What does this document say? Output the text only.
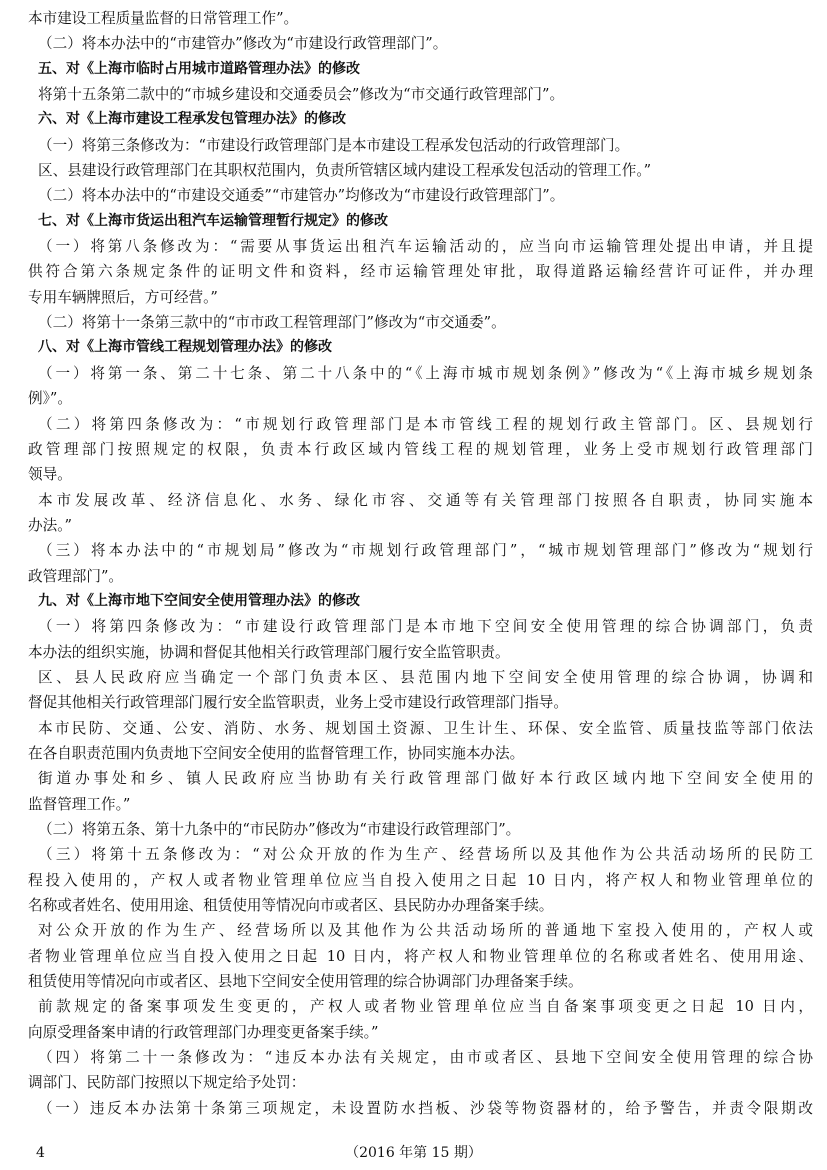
本市建设工程质量监督的日常管理工作”。
（二）将本办法中的“市建管办”修改为“市建设行政管理部门”。
五、对《上海市临时占用城市道路管理办法》的修改
将第十五条第二款中的“市城乡建设和交通委员会”修改为“市交通行政管理部门”。
六、对《上海市建设工程承发包管理办法》的修改
（一）将第三条修改为：“市建设行政管理部门是本市建设工程承发包活动的行政管理部门。
区、县建设行政管理部门在其职权范围内，负责所管辖区域内建设工程承发包活动的管理工作。”
（二）将本办法中的“市建设交通委”“市建管办”均修改为“市建设行政管理部门”。
七、对《上海市货运出租汽车运输管理暂行规定》的修改
（一）将第八条修改为：“需要从事货运出租汽车运输活动的，应当向市运输管理处提出申请，并且提
供符合第六条规定条件的证明文件和资料，经市运输管理处审批，取得道路运输经营许可证件，并办理
专用车辆牌照后，方可经营。”
（二）将第十一条第三款中的“市市政工程管理部门”修改为“市交通委”。
八、对《上海市管线工程规划管理办法》的修改
（一）将第一条、第二十七条、第二十八条中的“《上海市城市规划条例》”修改为“《上海市城乡规划条
例》”。
（二）将第四条修改为：“市规划行政管理部门是本市管线工程的规划行政主管部门。区、县规划行
政管理部门按照规定的权限，负责本行政区域内管线工程的规划管理，业务上受市规划行政管理部门
领导。
本市发展改革、经济信息化、水务、绿化市容、交通等有关管理部门按照各自职责，协同实施本
办法。”
（三）将本办法中的“市规划局”修改为“市规划行政管理部门”，“城市规划管理部门”修改为“规划行
政管理部门”。
九、对《上海市地下空间安全使用管理办法》的修改
（一）将第四条修改为：“市建设行政管理部门是本市地下空间安全使用管理的综合协调部门，负责
本办法的组织实施，协调和督促其他相关行政管理部门履行安全监管职责。
区、县人民政府应当确定一个部门负责本区、县范围内地下空间安全使用管理的综合协调，协调和
督促其他相关行政管理部门履行安全监管职责，业务上受市建设行政管理部门指导。
本市民防、交通、公安、消防、水务、规划国土资源、卫生计生、环保、安全监管、质量技监等部门依法
在各自职责范围内负责地下空间安全使用的监督管理工作，协同实施本办法。
街道办事处和乡、镇人民政府应当协助有关行政管理部门做好本行政区域内地下空间安全使用的
监督管理工作。”
（二）将第五条、第十九条中的“市民防办”修改为“市建设行政管理部门”。
（三）将第十五条修改为：“对公众开放的作为生产、经营场所以及其他作为公共活动场所的民防工
程投入使用的，产权人或者物业管理单位应当自投入使用之日起 10 日内，将产权人和物业管理单位的
名称或者姓名、使用用途、租赁使用等情况向市或者区、县民防办办理备案手续。
对公众开放的作为生产、经营场所以及其他作为公共活动场所的普通地下室投入使用的，产权人或
者物业管理单位应当自投入使用之日起 10 日内，将产权人和物业管理单位的名称或者姓名、使用用途、
租赁使用等情况向市或者区、县地下空间安全使用管理的综合协调部门办理备案手续。
前款规定的备案事项发生变更的，产权人或者物业管理单位应当自备案事项变更之日起 10 日内，
向原受理备案申请的行政管理部门办理变更备案手续。”
（四）将第二十一条修改为：“违反本办法有关规定，由市或者区、县地下空间安全使用管理的综合协
调部门、民防部门按照以下规定给予处罚：
（一）违反本办法第十条第三项规定，未设置防水挡板、沙袋等物资器材的，给予警告，并责令限期改
4	（2016 年第 15 期）
